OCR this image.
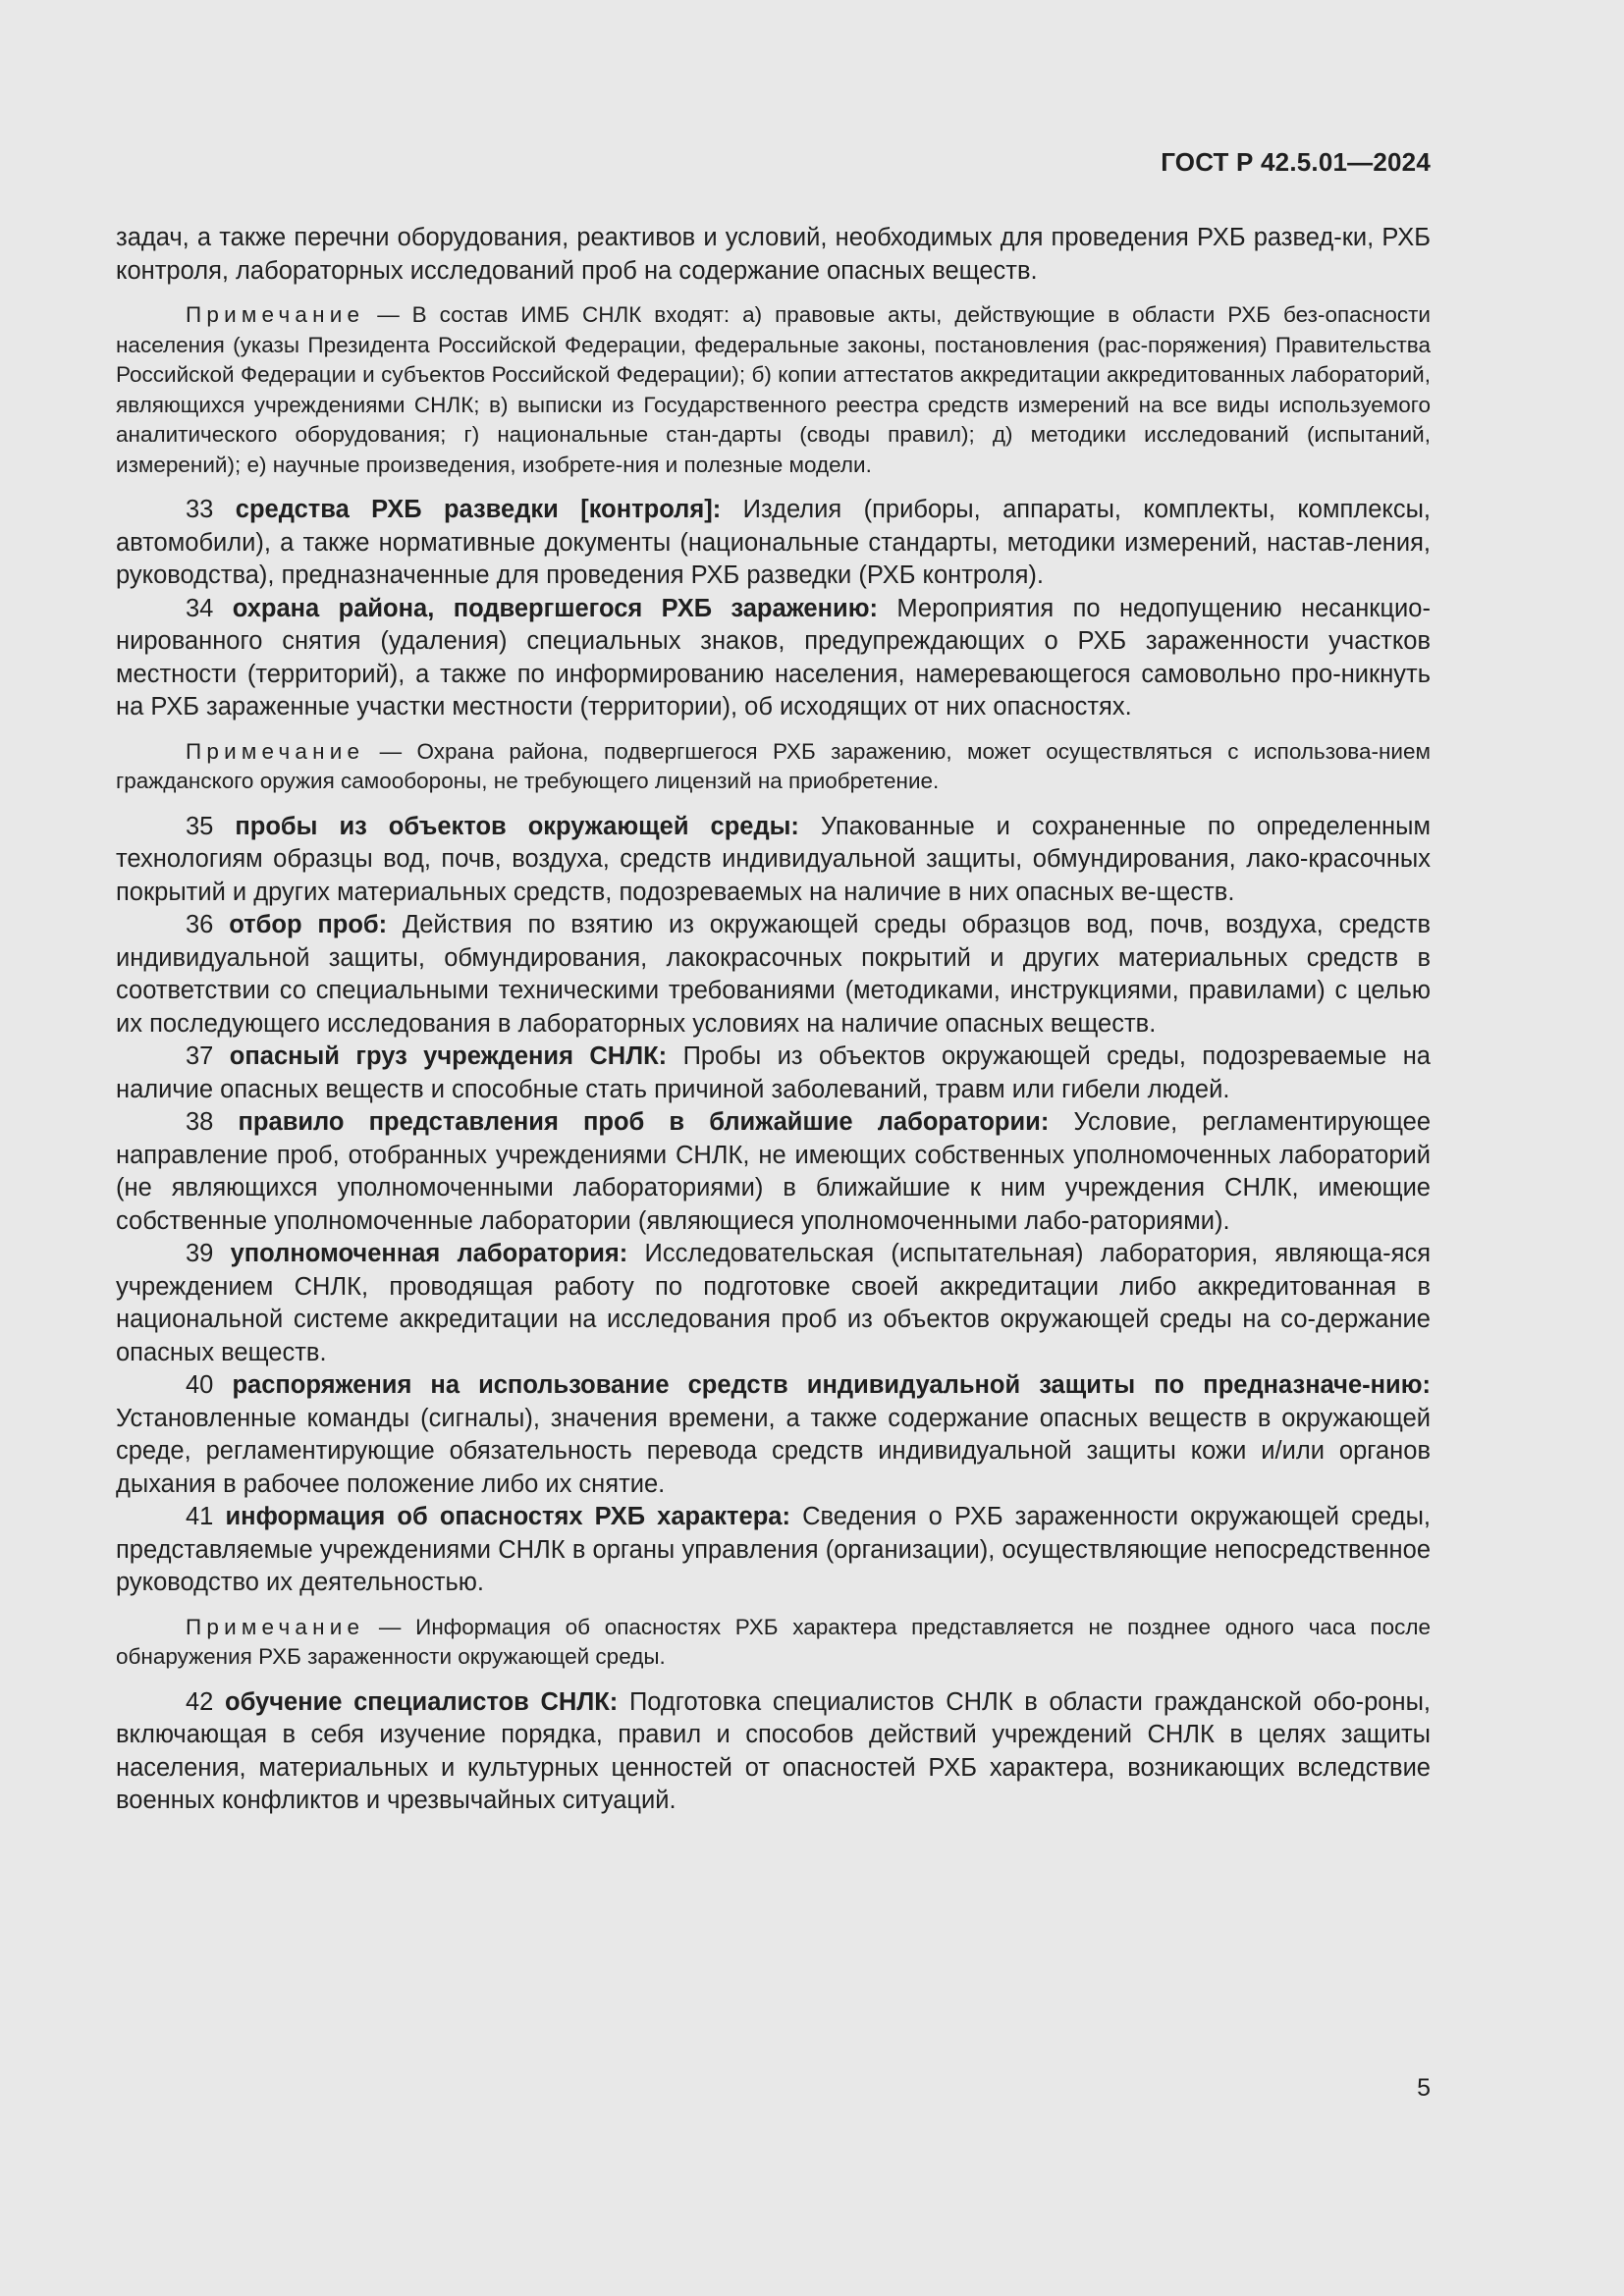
ГОСТ Р 42.5.01—2024

задач, а также перечни оборудования, реактивов и условий, необходимых для проведения РХБ развед-ки, РХБ контроля, лабораторных исследований проб на содержание опасных веществ.

Примечание — В состав ИМБ СНЛК входят: а) правовые акты, действующие в области РХБ без-опасности населения (указы Президента Российской Федерации, федеральные законы, постановления (рас-поряжения) Правительства Российской Федерации и субъектов Российской Федерации); б) копии аттестатов аккредитации аккредитованных лабораторий, являющихся учреждениями СНЛК; в) выписки из Государственного реестра средств измерений на все виды используемого аналитического оборудования; г) национальные стан-дарты (своды правил); д) методики исследований (испытаний, измерений); е) научные произведения, изобрете-ния и полезные модели.

33 средства РХБ разведки [контроля]: Изделия (приборы, аппараты, комплекты, комплексы, автомобили), а также нормативные документы (национальные стандарты, методики измерений, настав-ления, руководства), предназначенные для проведения РХБ разведки (РХБ контроля).

34 охрана района, подвергшегося РХБ заражению: Мероприятия по недопущению несанкцио-нированного снятия (удаления) специальных знаков, предупреждающих о РХБ зараженности участков местности (территорий), а также по информированию населения, намеревающегося самовольно про-никнуть на РХБ зараженные участки местности (территории), об исходящих от них опасностях.

Примечание — Охрана района, подвергшегося РХБ заражению, может осуществляться с использова-нием гражданского оружия самообороны, не требующего лицензий на приобретение.

35 пробы из объектов окружающей среды: Упакованные и сохраненные по определенным технологиям образцы вод, почв, воздуха, средств индивидуальной защиты, обмундирования, лако-красочных покрытий и других материальных средств, подозреваемых на наличие в них опасных ве-ществ.

36 отбор проб: Действия по взятию из окружающей среды образцов вод, почв, воздуха, средств индивидуальной защиты, обмундирования, лакокрасочных покрытий и других материальных средств в соответствии со специальными техническими требованиями (методиками, инструкциями, правилами) с целью их последующего исследования в лабораторных условиях на наличие опасных веществ.

37 опасный груз учреждения СНЛК: Пробы из объектов окружающей среды, подозреваемые на наличие опасных веществ и способные стать причиной заболеваний, травм или гибели людей.

38 правило представления проб в ближайшие лаборатории: Условие, регламентирующее направление проб, отобранных учреждениями СНЛК, не имеющих собственных уполномоченных лабораторий (не являющихся уполномоченными лабораториями) в ближайшие к ним учреждения СНЛК, имеющие собственные уполномоченные лаборатории (являющиеся уполномоченными лабо-раториями).

39 уполномоченная лаборатория: Исследовательская (испытательная) лаборатория, являюща-яся учреждением СНЛК, проводящая работу по подготовке своей аккредитации либо аккредитованная в национальной системе аккредитации на исследования проб из объектов окружающей среды на со-держание опасных веществ.

40 распоряжения на использование средств индивидуальной защиты по предназначе-нию: Установленные команды (сигналы), значения времени, а также содержание опасных веществ в окружающей среде, регламентирующие обязательность перевода средств индивидуальной защиты кожи и/или органов дыхания в рабочее положение либо их снятие.

41 информация об опасностях РХБ характера: Сведения о РХБ зараженности окружающей среды, представляемые учреждениями СНЛК в органы управления (организации), осуществляющие непосредственное руководство их деятельностью.

Примечание — Информация об опасностях РХБ характера представляется не позднее одного часа после обнаружения РХБ зараженности окружающей среды.

42 обучение специалистов СНЛК: Подготовка специалистов СНЛК в области гражданской обо-роны, включающая в себя изучение порядка, правил и способов действий учреждений СНЛК в целях защиты населения, материальных и культурных ценностей от опасностей РХБ характера, возникающих вследствие военных конфликтов и чрезвычайных ситуаций.

5
